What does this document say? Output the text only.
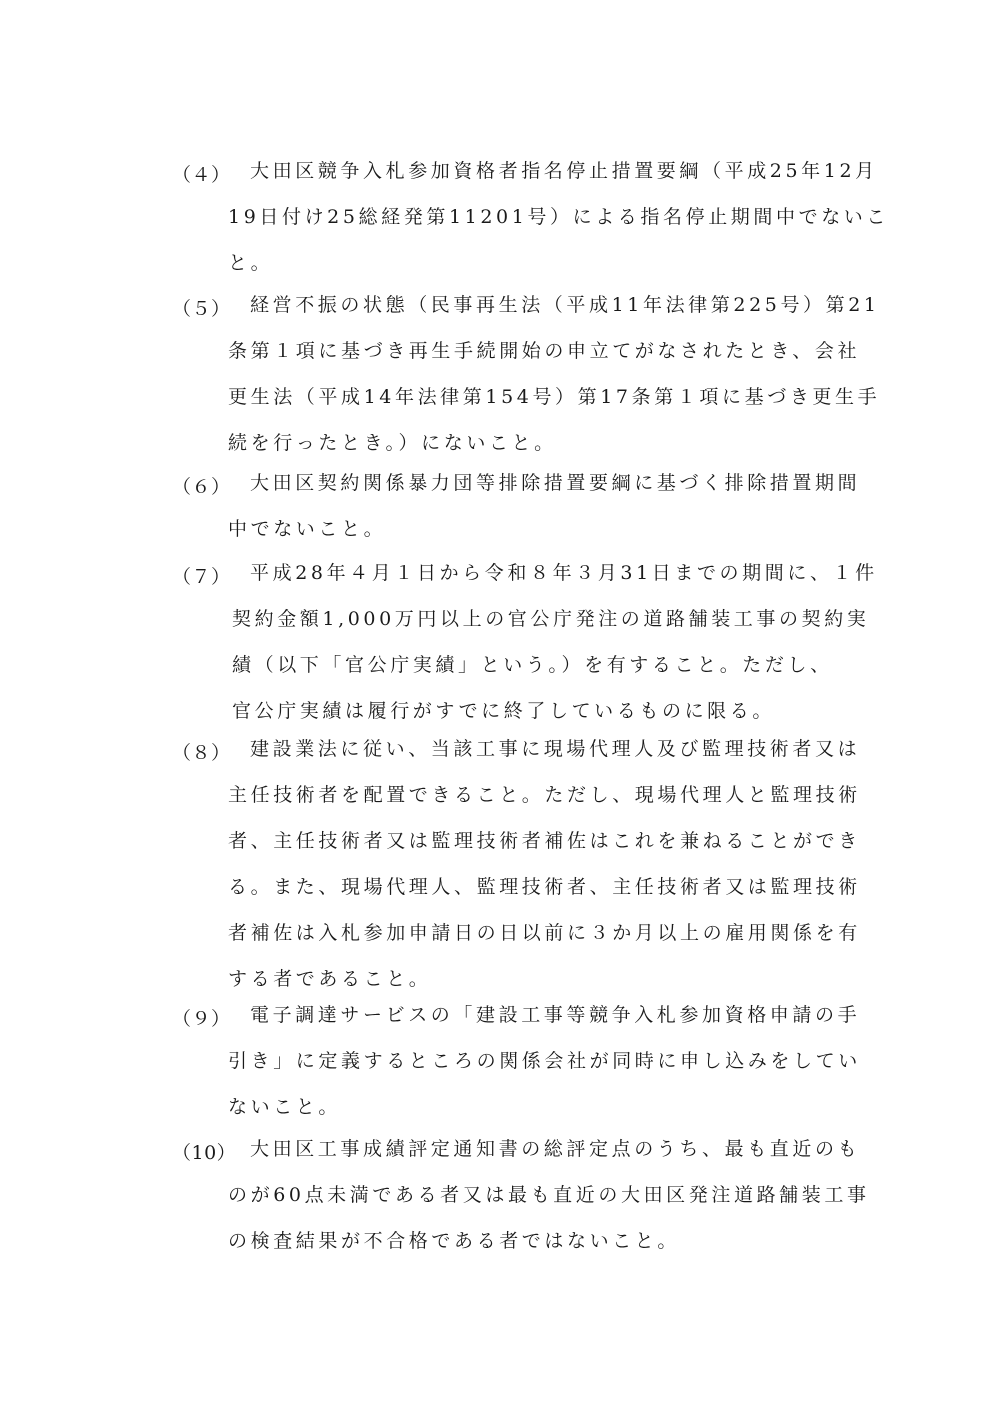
（４） 大田区競争入札参加資格者指名停止措置要綱（平成25年12月
19日付け25総経発第11201号）による指名停止期間中でないこ
と。
（５） 経営不振の状態（民事再生法（平成11年法律第225号）第21
条第１項に基づき再生手続開始の申立てがなされたとき、会社
更生法（平成14年法律第154号）第17条第１項に基づき更生手
続を行ったとき。）にないこと。
（６） 大田区契約関係暴力団等排除措置要綱に基づく排除措置期間
中でないこと。
（７） 平成28年４月１日から令和８年３月31日までの期間に、１件
契約金額1,000万円以上の官公庁発注の道路舗装工事の契約実
績（以下「官公庁実績」という。）を有すること。ただし、
官公庁実績は履行がすでに終了しているものに限る。
（８） 建設業法に従い、当該工事に現場代理人及び監理技術者又は
主任技術者を配置できること。ただし、現場代理人と監理技術
者、主任技術者又は監理技術者補佐はこれを兼ねることができ
る。また、現場代理人、監理技術者、主任技術者又は監理技術
者補佐は入札参加申請日の日以前に３か月以上の雇用関係を有
する者であること。
（９） 電子調達サービスの「建設工事等競争入札参加資格申請の手
引き」に定義するところの関係会社が同時に申し込みをしてい
ないこと。
（10） 大田区工事成績評定通知書の総評定点のうち、最も直近のも
のが60点未満である者又は最も直近の大田区発注道路舗装工事
の検査結果が不合格である者ではないこと。
